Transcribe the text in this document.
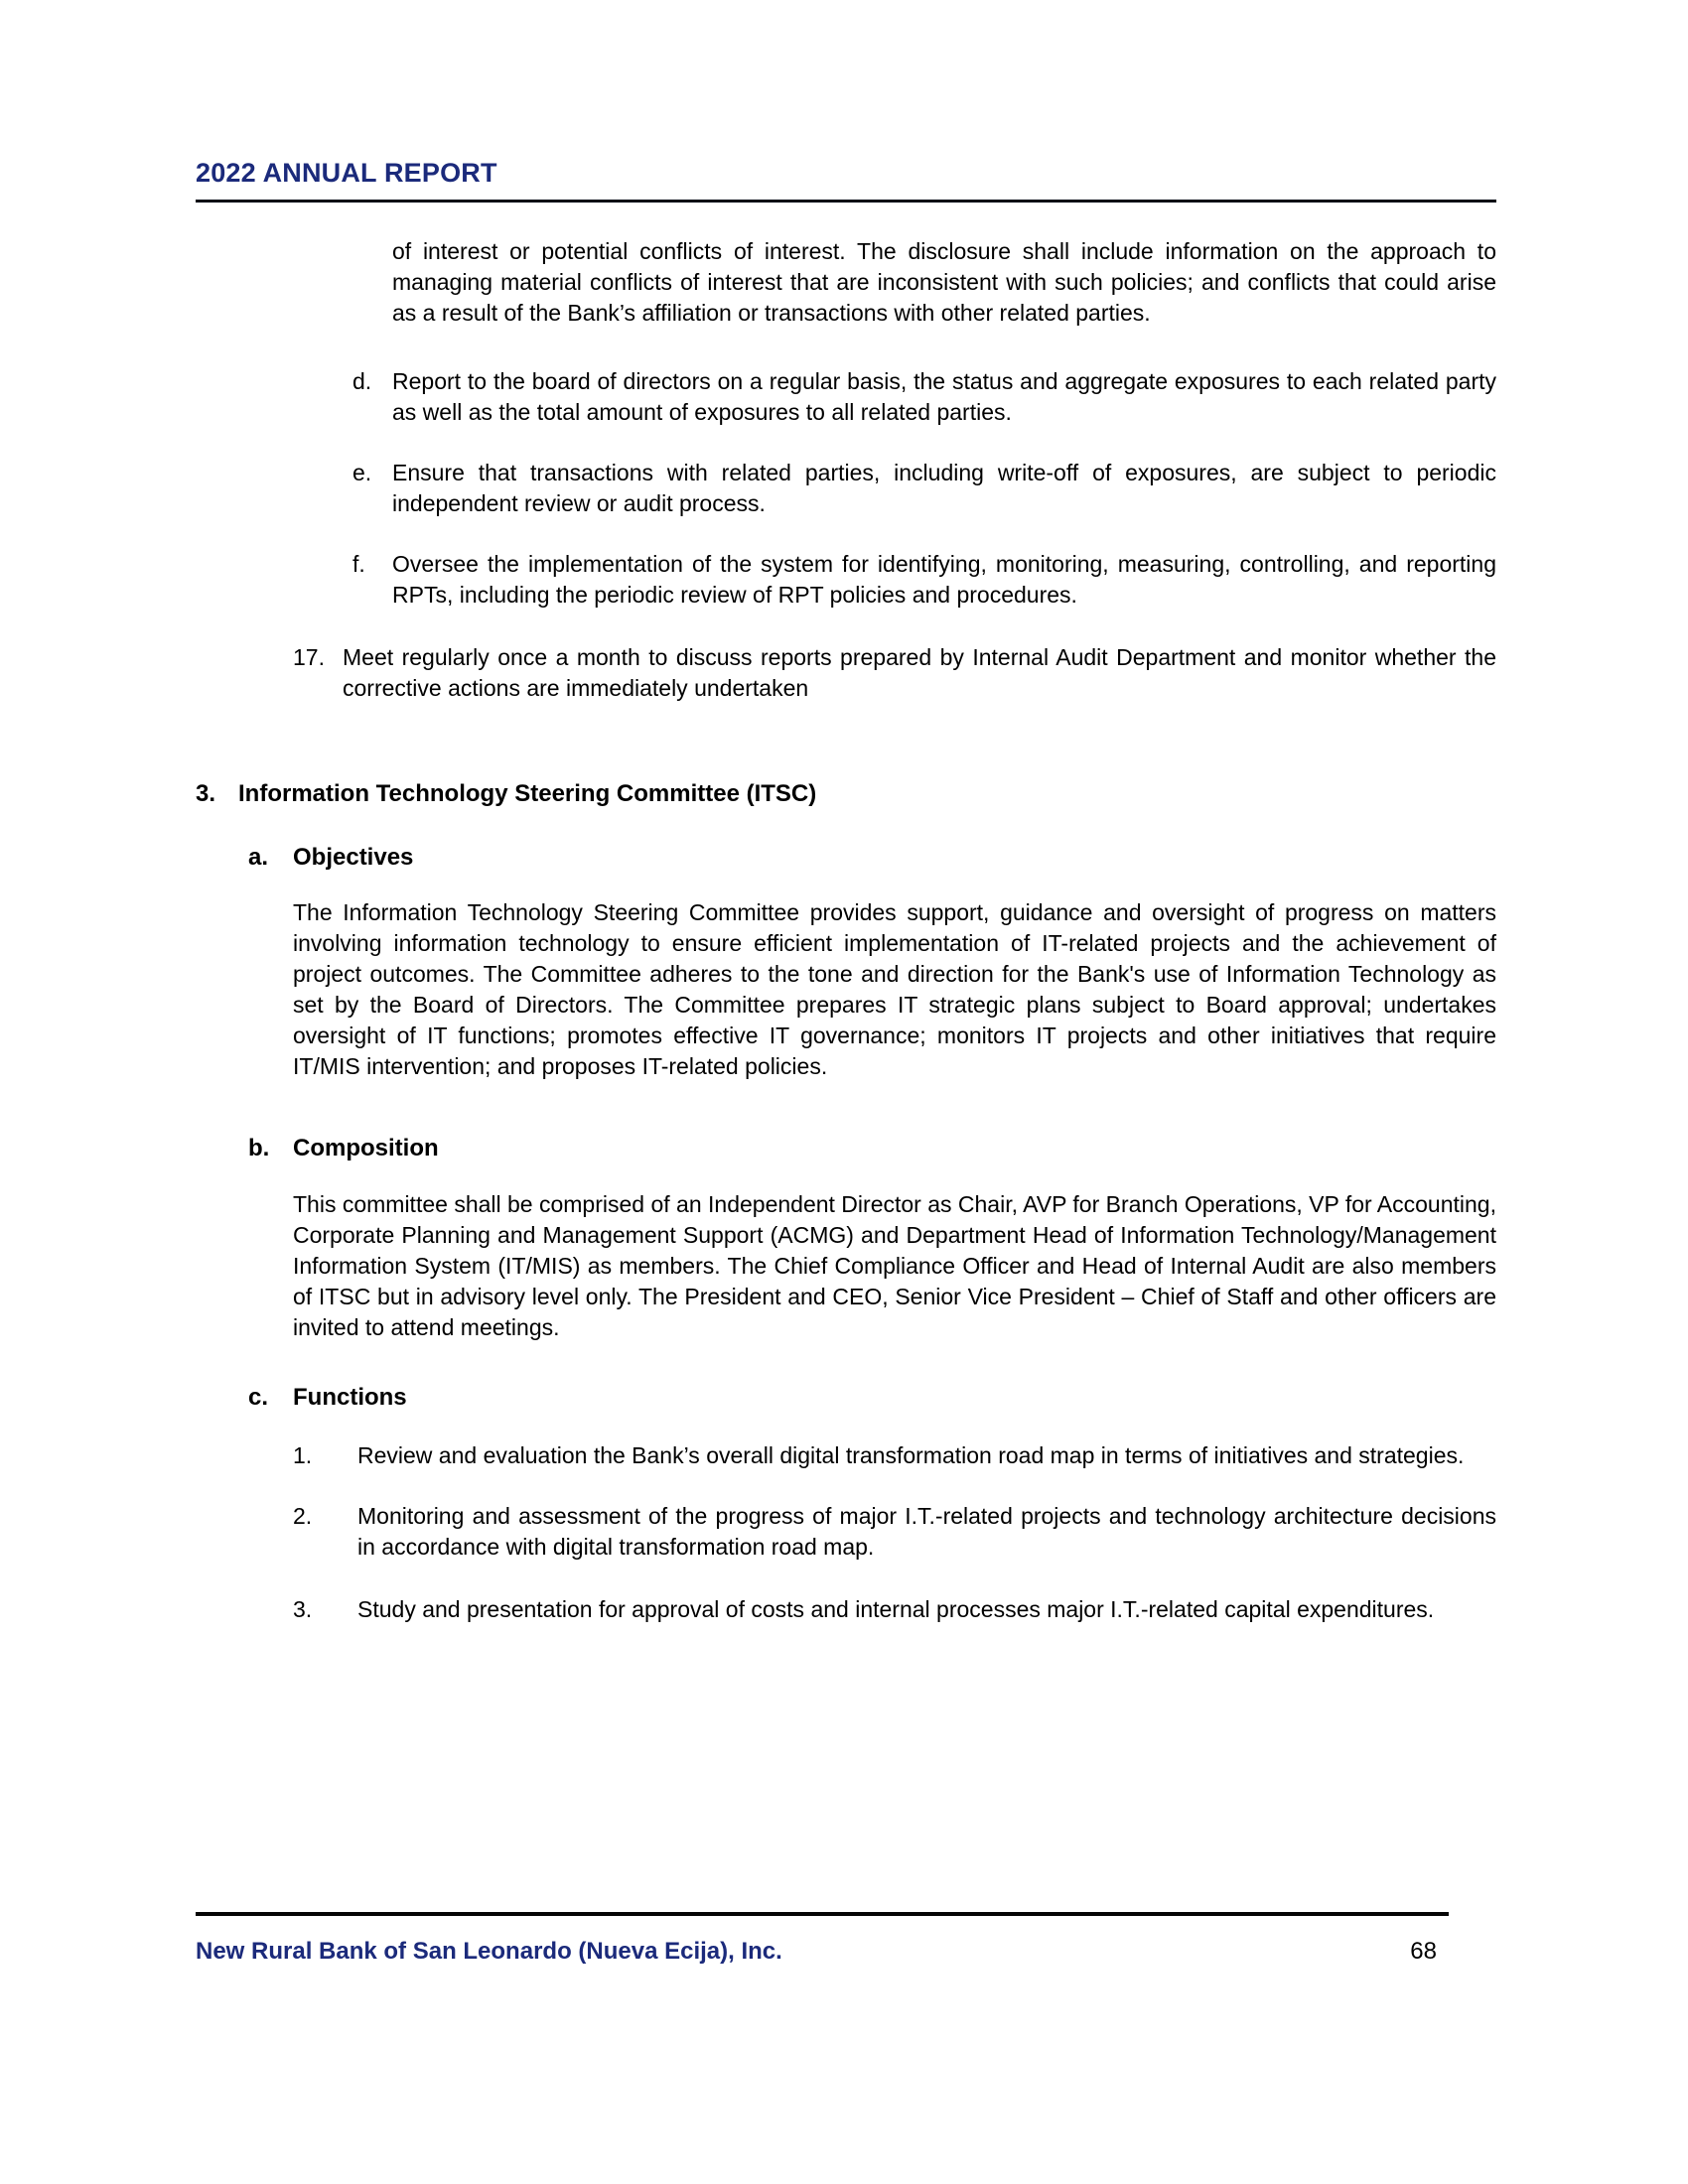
2022 ANNUAL REPORT

of interest or potential conflicts of interest. The disclosure shall include information on the approach to managing material conflicts of interest that are inconsistent with such policies; and conflicts that could arise as a result of the Bank’s affiliation or transactions with other related parties.

d. Report to the board of directors on a regular basis, the status and aggregate exposures to each related party as well as the total amount of exposures to all related parties.

e. Ensure that transactions with related parties, including write-off of exposures, are subject to periodic independent review or audit process.

f.	Oversee the implementation of the system for identifying, monitoring, measuring, controlling, and reporting RPTs, including the periodic review of RPT policies and procedures.

17. Meet regularly once a month to discuss reports prepared by Internal Audit Department and monitor whether the corrective actions are immediately undertaken

3. Information Technology Steering Committee (ITSC)
a.	Objectives

The Information Technology Steering Committee provides support, guidance and oversight of progress on matters involving information technology to ensure efficient implementation of IT-related projects and the achievement of project outcomes. The Committee adheres to the tone and direction for the Bank's use of Information Technology as set by the Board of Directors. The Committee prepares IT strategic plans subject to Board approval; undertakes oversight of IT functions; promotes effective IT governance; monitors IT projects and other initiatives that require IT/MIS intervention; and proposes IT-related policies.

b. Composition

This committee shall be comprised of an Independent Director as Chair, AVP for Branch Operations, VP for Accounting, Corporate Planning and Management Support (ACMG) and Department Head of Information Technology/Management Information System (IT/MIS) as members. The Chief Compliance Officer and Head of Internal Audit are also members of ITSC but in advisory level only. The President and CEO, Senior Vice President – Chief of Staff and other officers are invited to attend meetings.

c.	Functions
1.	Review and evaluation the Bank’s overall digital transformation road map in terms of initiatives and strategies.

2.	Monitoring and assessment of the progress of major I.T.-related projects and technology architecture decisions in accordance with digital transformation road map.

3.	Study and presentation for approval of costs and internal processes major I.T.-related capital expenditures.

New Rural Bank of San Leonardo (Nueva Ecija), Inc.	68
